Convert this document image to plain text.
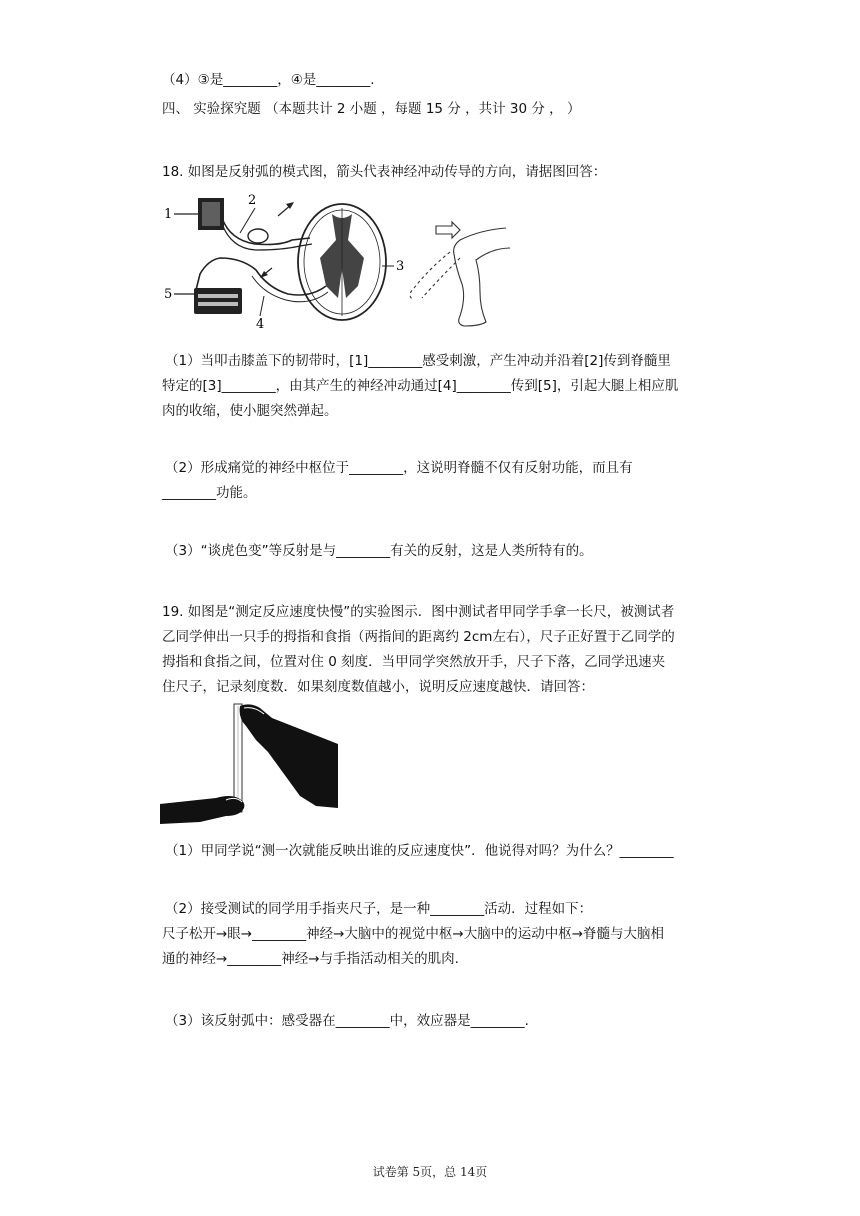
（4）③是________，④是________.
四、 实验探究题 （本题共计 2 小题 ，每题 15 分 ，共计 30 分 ， ）
18. 如图是反射弧的模式图，箭头代表神经冲动传导的方向，请据图回答：
1
2
4
3
5
（1）当叩击膝盖下的韧带时，[1]________感受刺激，产生冲动并沿着[2]传到脊髓里
特定的[3]________，由其产生的神经冲动通过[4]________传到[5]，引起大腿上相应肌
肉的收缩，使小腿突然弹起。
（2）形成痛觉的神经中枢位于________，这说明脊髓不仅有反射功能，而且有
________功能。
（3）“谈虎色变”等反射是与________有关的反射，这是人类所特有的。
19. 如图是“测定反应速度快慢”的实验图示．图中测试者甲同学手拿一长尺，被测试者
乙同学伸出一只手的拇指和食指（两指间的距离约 2cm左右），尺子正好置于乙同学的
拇指和食指之间，位置对住 0 刻度．当甲同学突然放开手，尺子下落，乙同学迅速夹
住尺子，记录刻度数．如果刻度数值越小，说明反应速度越快．请回答：
（1）甲同学说“测一次就能反映出谁的反应速度快”．他说得对吗？为什么？________
（2）接受测试的同学用手指夹尺子，是一种________活动．过程如下：
尺子松开→眼→________神经→大脑中的视觉中枢→大脑中的运动中枢→脊髓与大脑相
通的神经→________神经→与手指活动相关的肌肉.
（3）该反射弧中：感受器在________中，效应器是________.
试卷第 5页，总 14页
